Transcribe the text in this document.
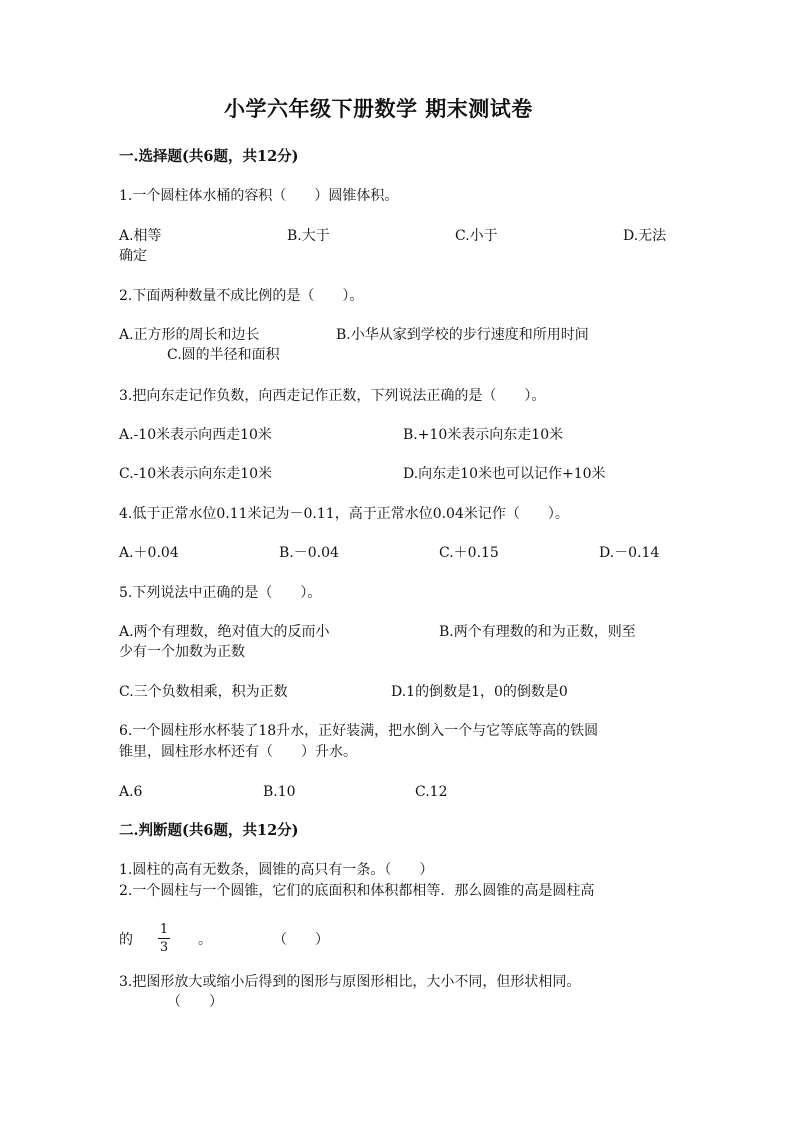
小学六年级下册数学 期末测试卷
一.选择题(共6题，共12分)
1.一个圆柱体水桶的容积（　　）圆锥体积。
A.相等	B.大于	C.小于	D.无法
确定
2.下面两种数量不成比例的是（　　）。
A.正方形的周长和边长	B.小华从家到学校的步行速度和所用时间
C.圆的半径和面积
3.把向东走记作负数，向西走记作正数，下列说法正确的是（　　）。
A.-10米表示向西走10米	B.+10米表示向东走10米
C.-10米表示向东走10米	D.向东走10米也可以记作+10米
4.低于正常水位0.11米记为－0.11，高于正常水位0.04米记作（　　）。
A.＋0.04	B.－0.04	C.＋0.15	D.－0.14
5.下列说法中正确的是（　　）。
A.两个有理数，绝对值大的反而小	B.两个有理数的和为正数，则至
少有一个加数为正数
C.三个负数相乘，积为正数	D.1的倒数是1，0的倒数是0
6.一个圆柱形水杯装了18升水，正好装满，把水倒入一个与它等底等高的铁圆
锥里，圆柱形水杯还有（　　）升水。
A.6	B.10	C.12
二.判断题(共6题，共12分)
1.圆柱的高有无数条，圆锥的高只有一条。（　　）
2.一个圆柱与一个圆锥，它们的底面积和体积都相等．那么圆锥的高是圆柱高
的
1
3 。	（　　）
3.把图形放大或缩小后得到的图形与原图形相比，大小不同，但形状相同。
（　　）
